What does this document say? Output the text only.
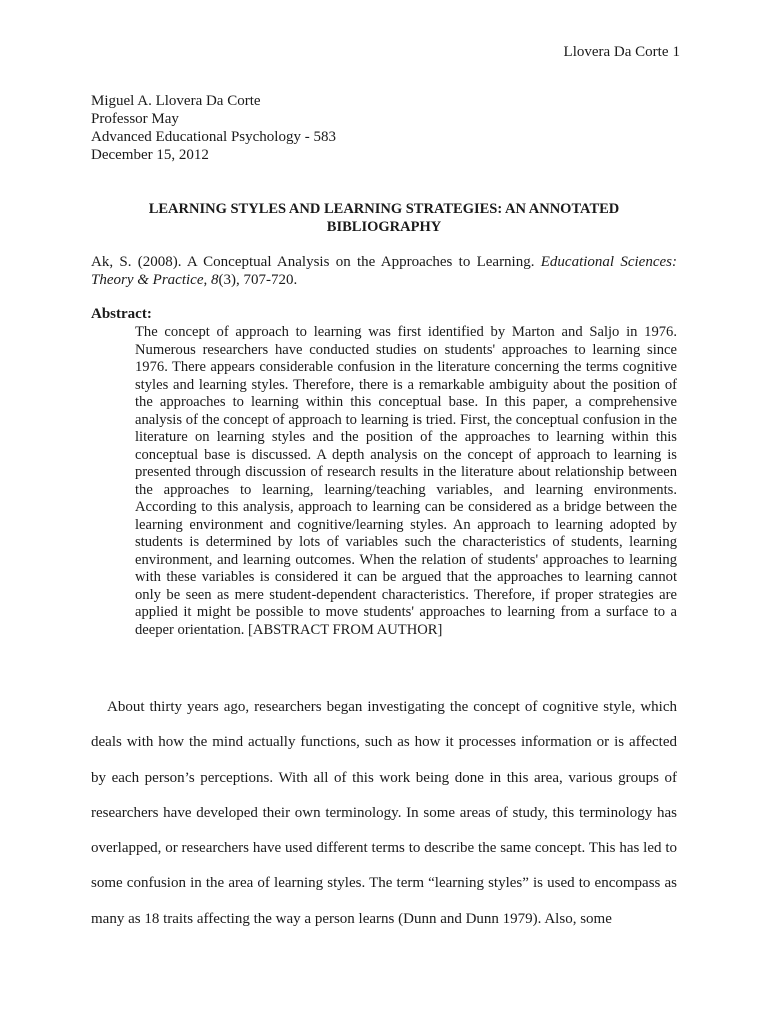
Llovera Da Corte 1
Miguel A. Llovera Da Corte
Professor May
Advanced Educational Psychology - 583
December 15, 2012
LEARNING STYLES AND LEARNING STRATEGIES: AN ANNOTATED BIBLIOGRAPHY
Ak, S. (2008). A Conceptual Analysis on the Approaches to Learning. Educational Sciences: Theory & Practice, 8(3), 707-720.
Abstract:
The concept of approach to learning was first identified by Marton and Saljo in 1976. Numerous researchers have conducted studies on students' approaches to learning since 1976. There appears considerable confusion in the literature concerning the terms cognitive styles and learning styles. Therefore, there is a remarkable ambiguity about the position of the approaches to learning within this conceptual base. In this paper, a comprehensive analysis of the concept of approach to learning is tried. First, the conceptual confusion in the literature on learning styles and the position of the approaches to learning within this conceptual base is discussed. A depth analysis on the concept of approach to learning is presented through discussion of research results in the literature about relationship between the approaches to learning, learning/teaching variables, and learning environments. According to this analysis, approach to learning can be considered as a bridge between the learning environment and cognitive/learning styles. An approach to learning adopted by students is determined by lots of variables such the characteristics of students, learning environment, and learning outcomes. When the relation of students' approaches to learning with these variables is considered it can be argued that the approaches to learning cannot only be seen as mere student-dependent characteristics. Therefore, if proper strategies are applied it might be possible to move students' approaches to learning from a surface to a deeper orientation. [ABSTRACT FROM AUTHOR]
About thirty years ago, researchers began investigating the concept of cognitive style, which deals with how the mind actually functions, such as how it processes information or is affected by each person’s perceptions. With all of this work being done in this area, various groups of researchers have developed their own terminology. In some areas of study, this terminology has overlapped, or researchers have used different terms to describe the same concept. This has led to some confusion in the area of learning styles. The term “learning styles” is used to encompass as many as 18 traits affecting the way a person learns (Dunn and Dunn 1979). Also, some
